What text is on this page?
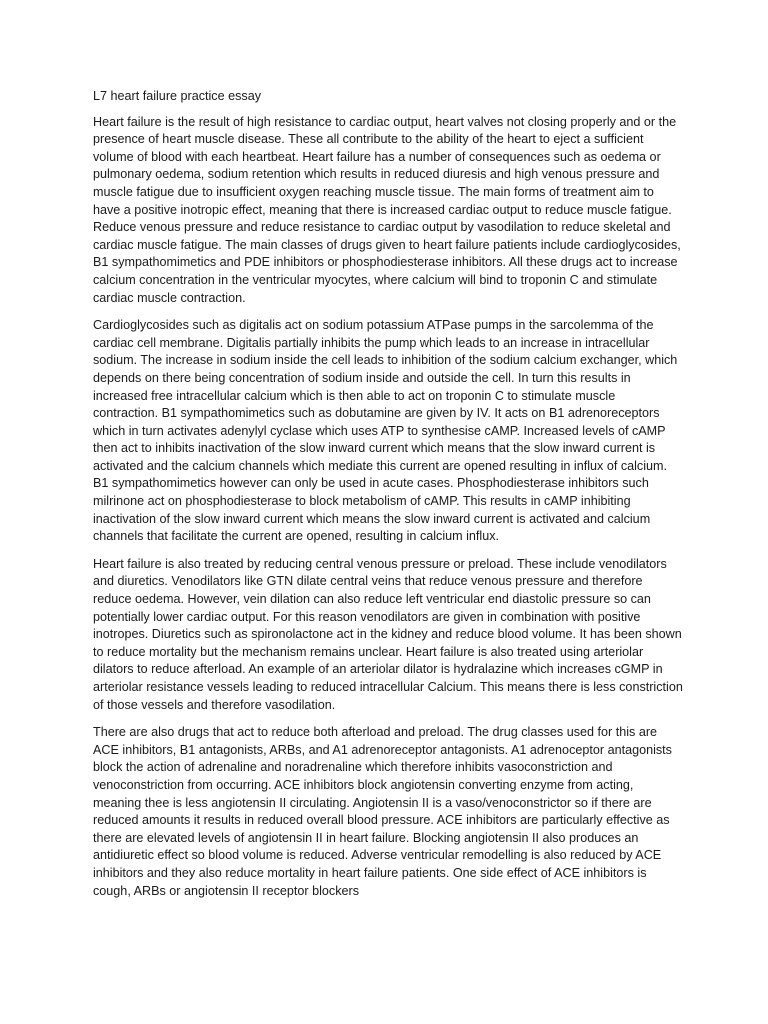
L7 heart failure practice essay

Heart failure is the result of high resistance to cardiac output, heart valves not closing properly and or the presence of heart muscle disease. These all contribute to the ability of the heart to eject a sufficient volume of blood with each heartbeat. Heart failure has a number of consequences such as oedema or pulmonary oedema, sodium retention which results in reduced diuresis and high venous pressure and muscle fatigue due to insufficient oxygen reaching muscle tissue. The main forms of treatment aim to have a positive inotropic effect, meaning that there is increased cardiac output to reduce muscle fatigue. Reduce venous pressure and reduce resistance to cardiac output by vasodilation to reduce skeletal and cardiac muscle fatigue. The main classes of drugs given to heart failure patients include cardioglycosides, B1 sympathomimetics and PDE inhibitors or phosphodiesterase inhibitors. All these drugs act to increase calcium concentration in the ventricular myocytes, where calcium will bind to troponin C and stimulate cardiac muscle contraction.

Cardioglycosides such as digitalis act on sodium potassium ATPase pumps in the sarcolemma of the cardiac cell membrane. Digitalis partially inhibits the pump which leads to an increase in intracellular sodium. The increase in sodium inside the cell leads to inhibition of the sodium calcium exchanger, which depends on there being concentration of sodium inside and outside the cell. In turn this results in increased free intracellular calcium which is then able to act on troponin C to stimulate muscle contraction. B1 sympathomimetics such as dobutamine are given by IV. It acts on B1 adrenoreceptors which in turn activates adenylyl cyclase which uses ATP to synthesise cAMP. Increased levels of cAMP then act to inhibits inactivation of the slow inward current which means that the slow inward current is activated and the calcium channels which mediate this current are opened resulting in influx of calcium. B1 sympathomimetics however can only be used in acute cases. Phosphodiesterase inhibitors such milrinone act on phosphodiesterase to block metabolism of cAMP. This results in cAMP inhibiting inactivation of the slow inward current which means the slow inward current is activated and calcium channels that facilitate the current are opened, resulting in calcium influx.

Heart failure is also treated by reducing central venous pressure or preload. These include venodilators and diuretics. Venodilators like GTN dilate central veins that reduce venous pressure and therefore reduce oedema. However, vein dilation can also reduce left ventricular end diastolic pressure so can potentially lower cardiac output. For this reason venodilators are given in combination with positive inotropes. Diuretics such as spironolactone act in the kidney and reduce blood volume. It has been shown to reduce mortality but the mechanism remains unclear. Heart failure is also treated using arteriolar dilators to reduce afterload. An example of an arteriolar dilator is hydralazine which increases cGMP in arteriolar resistance vessels leading to reduced intracellular Calcium. This means there is less constriction of those vessels and therefore vasodilation.

There are also drugs that act to reduce both afterload and preload. The drug classes used for this are ACE inhibitors, B1 antagonists, ARBs, and A1 adrenoreceptor antagonists. A1 adrenoceptor antagonists block the action of adrenaline and noradrenaline which therefore inhibits vasoconstriction and venoconstriction from occurring. ACE inhibitors block angiotensin converting enzyme from acting, meaning thee is less angiotensin II circulating. Angiotensin II is a vaso/venoconstrictor so if there are reduced amounts it results in reduced overall blood pressure. ACE inhibitors are particularly effective as there are elevated levels of angiotensin II in heart failure. Blocking angiotensin II also produces an antidiuretic effect so blood volume is reduced. Adverse ventricular remodelling is also reduced by ACE inhibitors and they also reduce mortality in heart failure patients. One side effect of ACE inhibitors is cough, ARBs or angiotensin II receptor blockers
